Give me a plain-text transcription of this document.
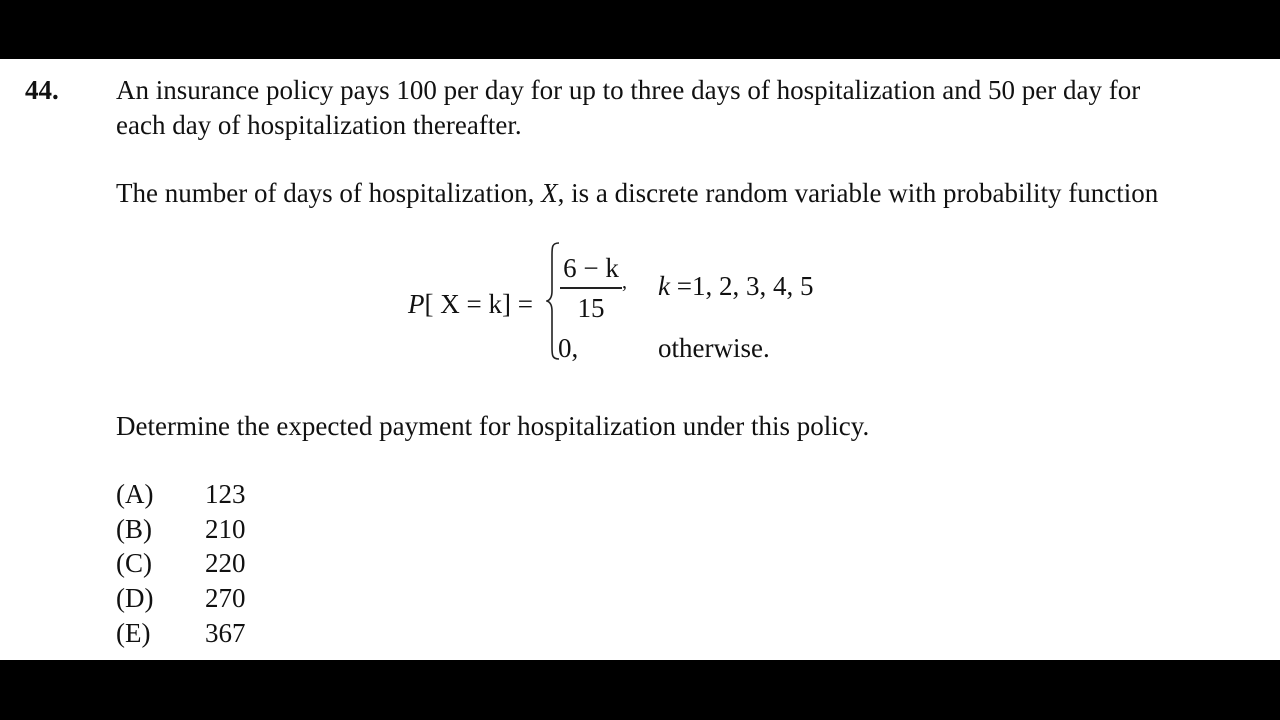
44. An insurance policy pays 100 per day for up to three days of hospitalization and 50 per day for each day of hospitalization thereafter.
The number of days of hospitalization, X, is a discrete random variable with probability function
P[ X = k] =
6 − k
15
, k =1, 2, 3, 4, 5
0,	otherwise.
Determine the expected payment for hospitalization under this policy.
(A) 123
(B) 210
(C) 220
(D) 270
(E) 367
